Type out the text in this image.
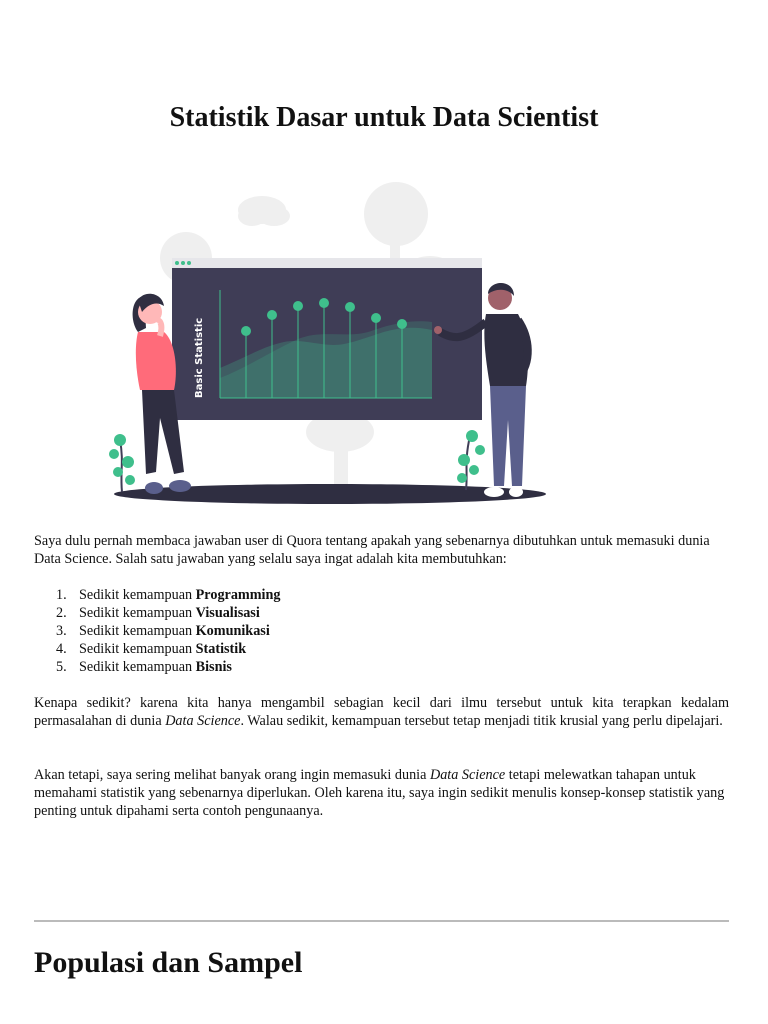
Statistik Dasar untuk Data Scientist
Basic Statistic

Saya dulu pernah membaca jawaban user di Quora tentang apakah yang sebenarnya dibutuhkan untuk memasuki dunia Data Science. Salah satu jawaban yang selalu saya ingat adalah kita membutuhkan:

1. Sedikit kemampuan Programming
2. Sedikit kemampuan Visualisasi
3. Sedikit kemampuan Komunikasi
4. Sedikit kemampuan Statistik
5. Sedikit kemampuan Bisnis

Kenapa sedikit? karena kita hanya mengambil sebagian kecil dari ilmu tersebut untuk kita terapkan kedalam permasalahan di dunia Data Science. Walau sedikit, kemampuan tersebut tetap menjadi titik krusial yang perlu dipelajari.

Akan tetapi, saya sering melihat banyak orang ingin memasuki dunia Data Science tetapi melewatkan tahapan untuk memahami statistik yang sebenarnya diperlukan. Oleh karena itu, saya ingin sedikit menulis konsep-konsep statistik yang penting untuk dipahami serta contoh pengunaanya.

Populasi dan Sampel
